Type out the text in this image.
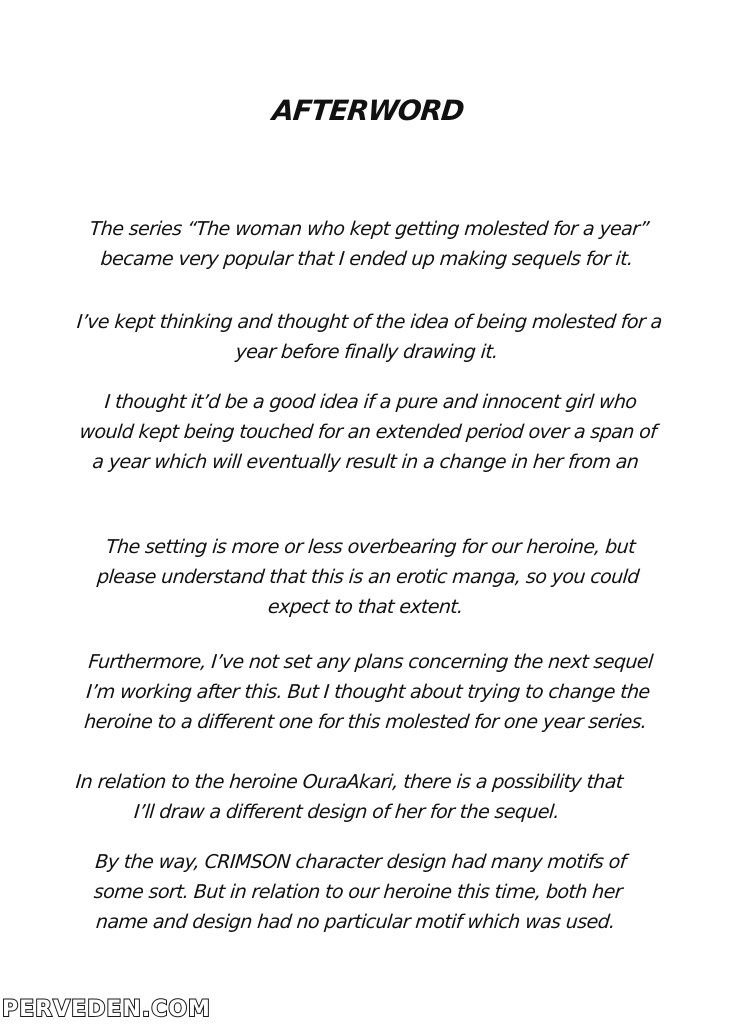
AFTERWORD
The series “The woman who kept getting molested for a year”
became very popular that I ended up making sequels for it.
I’ve kept thinking and thought of the idea of being molested for a
year before finally drawing it.
I thought it’d be a good idea if a pure and innocent girl who
would kept being touched for an extended period over a span of
a year which will eventually result in a change in her from an
The setting is more or less overbearing for our heroine, but
please understand that this is an erotic manga, so you could
expect to that extent.
Furthermore, I’ve not set any plans concerning the next sequel
I’m working after this. But I thought about trying to change the
heroine to a different one for this molested for one year series.
In relation to the heroine OuraAkari, there is a possibility that
I’ll draw a different design of her for the sequel.
By the way, CRIMSON character design had many motifs of
some sort. But in relation to our heroine this time, both her
name and design had no particular motif which was used.
PERVEDEN.COM
